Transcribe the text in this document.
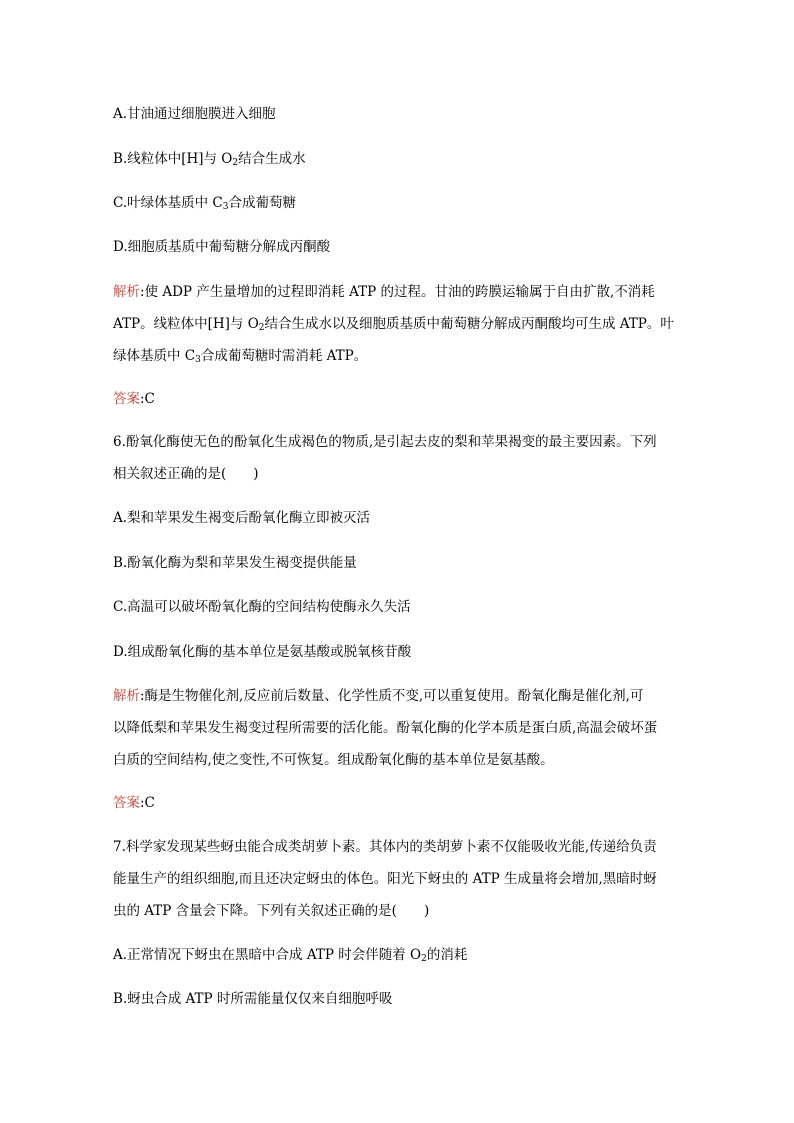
A.甘油通过细胞膜进入细胞
B.线粒体中[H]与 $O_2$结合生成水
C.叶绿体基质中 $C_3$合成葡萄糖
D.细胞质基质中葡萄糖分解成丙酮酸
解析:使 ADP 产生量增加的过程即消耗 ATP 的过程。甘油的跨膜运输属于自由扩散,不消耗
ATP。线粒体中[H]与 $O_2$结合生成水以及细胞质基质中葡萄糖分解成丙酮酸均可生成 ATP。叶
绿体基质中 $C_3$合成葡萄糖时需消耗 ATP。
答案:C
6.酚氧化酶使无色的酚氧化生成褐色的物质,是引起去皮的梨和苹果褐变的最主要因素。下列
相关叙述正确的是(　　)
A.梨和苹果发生褐变后酚氧化酶立即被灭活
B.酚氧化酶为梨和苹果发生褐变提供能量
C.高温可以破坏酚氧化酶的空间结构使酶永久失活
D.组成酚氧化酶的基本单位是氨基酸或脱氧核苷酸
解析:酶是生物催化剂,反应前后数量、化学性质不变,可以重复使用。酚氧化酶是催化剂,可
以降低梨和苹果发生褐变过程所需要的活化能。酚氧化酶的化学本质是蛋白质,高温会破坏蛋
白质的空间结构,使之变性,不可恢复。组成酚氧化酶的基本单位是氨基酸。
答案:C
7.科学家发现某些蚜虫能合成类胡萝卜素。其体内的类胡萝卜素不仅能吸收光能,传递给负责
能量生产的组织细胞,而且还决定蚜虫的体色。阳光下蚜虫的 ATP 生成量将会增加,黑暗时蚜
虫的 ATP 含量会下降。下列有关叙述正确的是(　　)
A.正常情况下蚜虫在黑暗中合成 ATP 时会伴随着 $O_2$的消耗
B.蚜虫合成 ATP 时所需能量仅仅来自细胞呼吸
